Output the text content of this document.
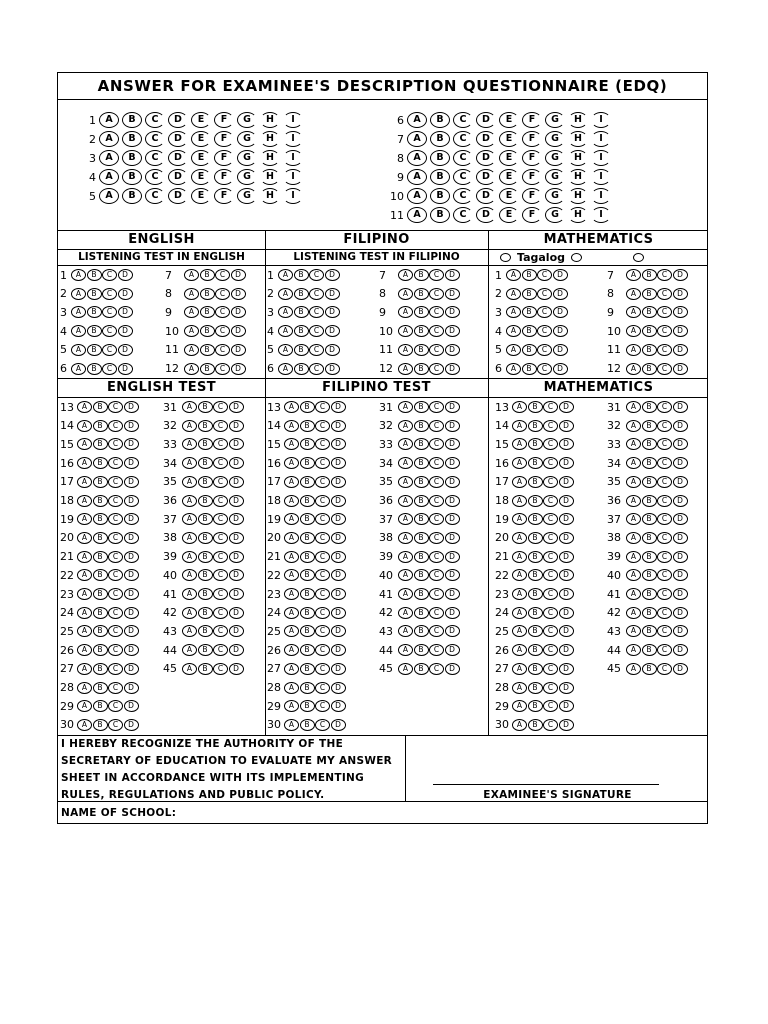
ANSWER FOR EXAMINEE'S DESCRIPTION QUESTIONNAIRE (EDQ)
1 A	B	C	D	E	F	G	H	I
2 A	B	C	D	E	F	G	H	I
3 A	B	C	D	E	F	G	H	I
4 A	B	C	D	E	F	G	H	I
5 A	B	C	D	E	F	G	H	I
6 A	B	C	D	E	F	G	H	I
7 A	B	C	D	E	F	G	H	I
8 A	B	C	D	E	F	G	H	I
9 A	B	C	D	E	F	G	H	I
10 A	B	C	D	E	F	G	H	I
11 A	B	C	D	E	F	G	H	I
ENGLISH	FILIPINO	MATHEMATICS
LISTENING TEST IN ENGLISH	LISTENING TEST IN FILIPINO	Tagalog
ENGLISH TEST	FILIPINO TEST	MATHEMATICS
1	A	B	C	D
2	A	B	C	D
3	A	B	C	D
4	A	B	C	D
5	A	B	C	D
6	A	B	C	D
7	A	B	C	D
8	A	B	C	D
9	A	B	C	D
10	A	B	C	D
11	A	B	C	D
12	A	B	C	D
13	A	B	C	D
14	A	B	C	D
15	A	B	C	D
16	A	B	C	D
17	A	B	C	D
18	A	B	C	D
19	A	B	C	D
20	A	B	C	D
21	A	B	C	D
22	A	B	C	D
23	A	B	C	D
24	A	B	C	D
25	A	B	C	D
26	A	B	C	D
27	A	B	C	D
28	A	B	C	D
29	A	B	C	D
30	A	B	C	D
31	A	B	C	D
32	A	B	C	D
33	A	B	C	D
34	A	B	C	D
35	A	B	C	D
36	A	B	C	D
37	A	B	C	D
38	A	B	C	D
39	A	B	C	D
40	A	B	C	D
41	A	B	C	D
42	A	B	C	D
43	A	B	C	D
44	A	B	C	D
45	A	B	C	D
1	A	B	C	D
2	A	B	C	D
3	A	B	C	D
4	A	B	C	D
5	A	B	C	D
6	A	B	C	D
7	A	B	C	D
8	A	B	C	D
9	A	B	C	D
10	A	B	C	D
11	A	B	C	D
12	A	B	C	D
13	A	B	C	D
14	A	B	C	D
15	A	B	C	D
16	A	B	C	D
17	A	B	C	D
18	A	B	C	D
19	A	B	C	D
20	A	B	C	D
21	A	B	C	D
22	A	B	C	D
23	A	B	C	D
24	A	B	C	D
25	A	B	C	D
26	A	B	C	D
27	A	B	C	D
28	A	B	C	D
29	A	B	C	D
30	A	B	C	D
31	A	B	C	D
32	A	B	C	D
33	A	B	C	D
34	A	B	C	D
35	A	B	C	D
36	A	B	C	D
37	A	B	C	D
38	A	B	C	D
39	A	B	C	D
40	A	B	C	D
41	A	B	C	D
42	A	B	C	D
43	A	B	C	D
44	A	B	C	D
45	A	B	C	D
1	A	B	C	D
2	A	B	C	D
3	A	B	C	D
4	A	B	C	D
5	A	B	C	D
6	A	B	C	D
7	A	B	C	D
8	A	B	C	D
9	A	B	C	D
10	A	B	C	D
11	A	B	C	D
12	A	B	C	D
13	A	B	C	D
14	A	B	C	D
15	A	B	C	D
16	A	B	C	D
17	A	B	C	D
18	A	B	C	D
19	A	B	C	D
20	A	B	C	D
21	A	B	C	D
22	A	B	C	D
23	A	B	C	D
24	A	B	C	D
25	A	B	C	D
26	A	B	C	D
27	A	B	C	D
28	A	B	C	D
29	A	B	C	D
30	A	B	C	D
31	A	B	C	D
32	A	B	C	D
33	A	B	C	D
34	A	B	C	D
35	A	B	C	D
36	A	B	C	D
37	A	B	C	D
38	A	B	C	D
39	A	B	C	D
40	A	B	C	D
41	A	B	C	D
42	A	B	C	D
43	A	B	C	D
44	A	B	C	D
45	A	B	C	D
I HEREBY RECOGNIZE THE AUTHORITY OF THE
SECRETARY OF EDUCATION TO EVALUATE MY ANSWER
SHEET IN ACCORDANCE WITH ITS IMPLEMENTING
RULES, REGULATIONS AND PUBLIC POLICY.	EXAMINEE'S SIGNATURE
NAME OF SCHOOL:
